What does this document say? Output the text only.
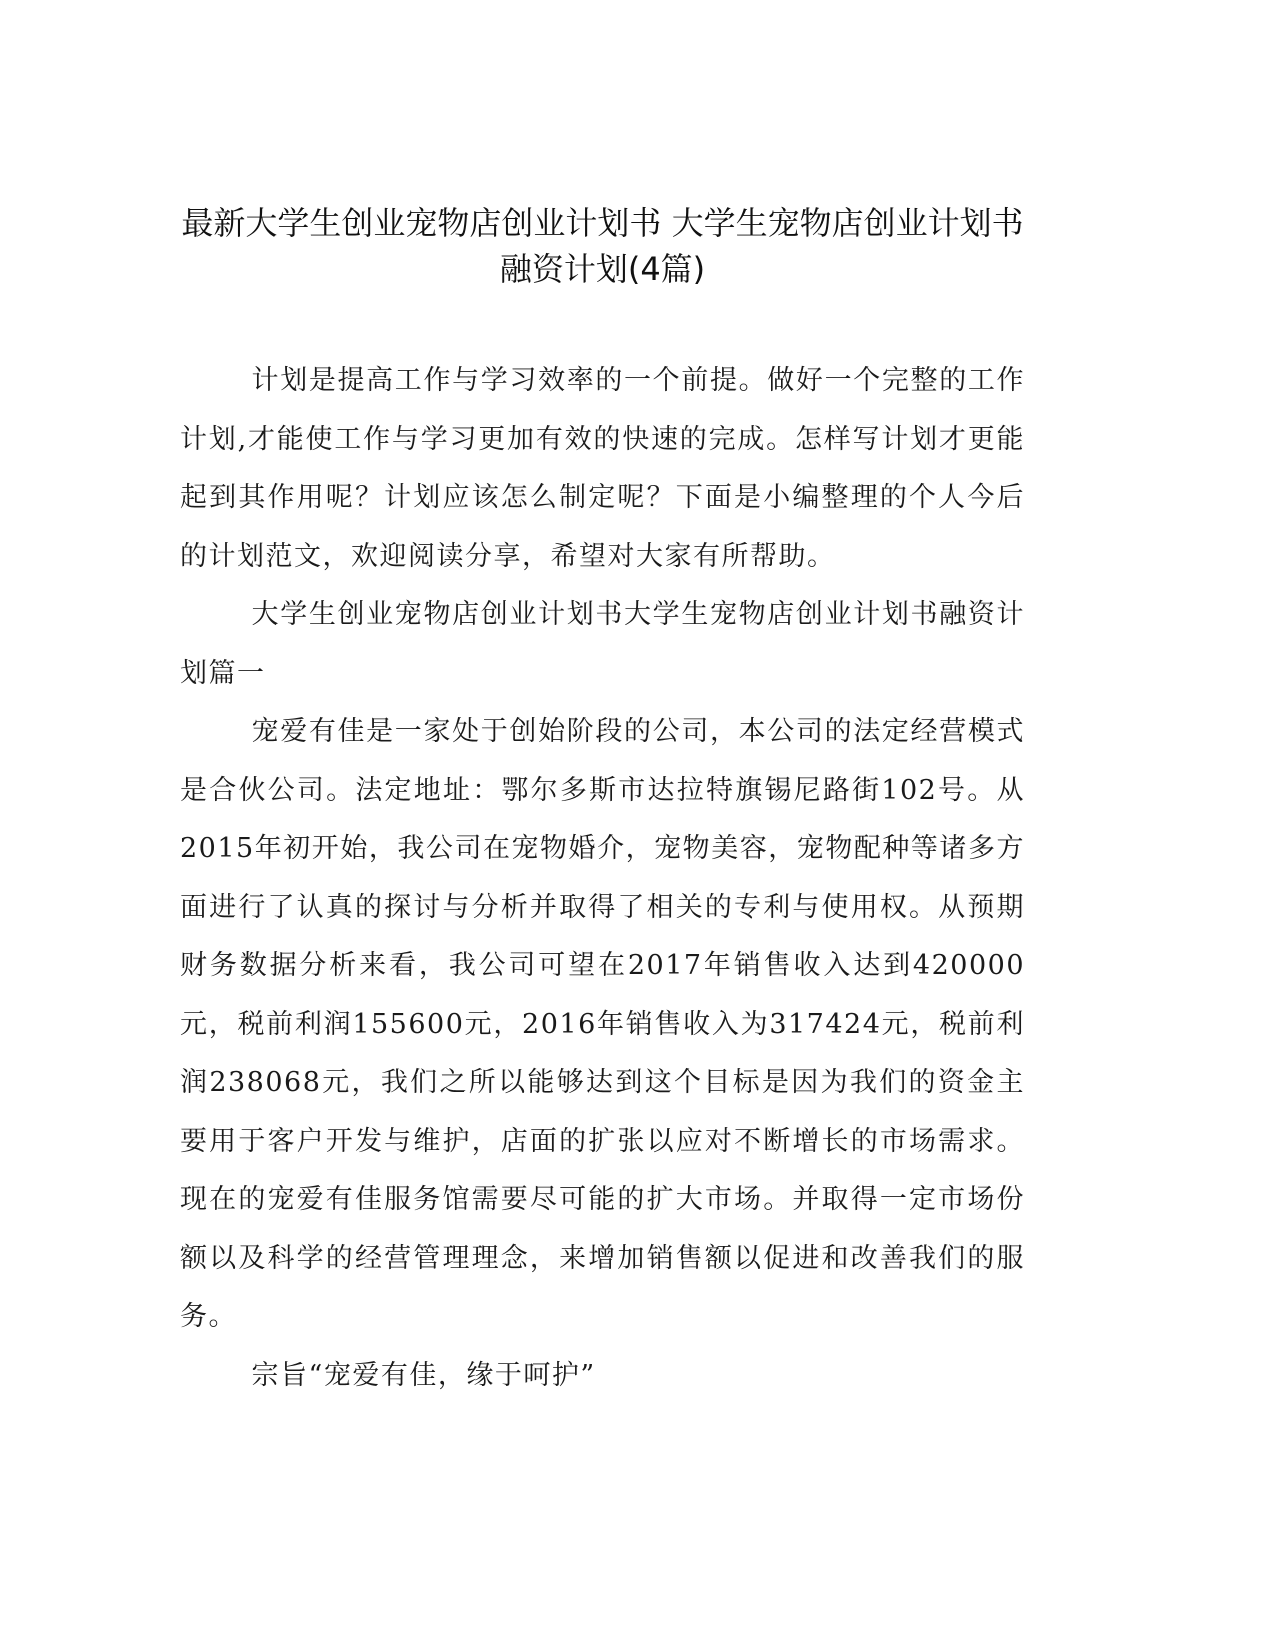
最新大学生创业宠物店创业计划书 大学生宠物店创业计划书
融资计划(4篇)

计划是提高工作与学习效率的一个前提。做好一个完整的工作计划,才能使工作与学习更加有效的快速的完成。怎样写计划才更能起到其作用呢？计划应该怎么制定呢？下面是小编整理的个人今后的计划范文，欢迎阅读分享，希望对大家有所帮助。

大学生创业宠物店创业计划书大学生宠物店创业计划书融资计划篇一

宠爱有佳是一家处于创始阶段的公司，本公司的法定经营模式是合伙公司。法定地址：鄂尔多斯市达拉特旗锡尼路街102号。从2015年初开始，我公司在宠物婚介，宠物美容，宠物配种等诸多方面进行了认真的探讨与分析并取得了相关的专利与使用权。从预期财务数据分析来看，我公司可望在2017年销售收入达到420000元，税前利润155600元，2016年销售收入为317424元，税前利润238068元，我们之所以能够达到这个目标是因为我们的资金主要用于客户开发与维护，店面的扩张以应对不断增长的市场需求。现在的宠爱有佳服务馆需要尽可能的扩大市场。并取得一定市场份额以及科学的经营管理理念，来增加销售额以促进和改善我们的服务。

宗旨“宠爱有佳，缘于呵护”
